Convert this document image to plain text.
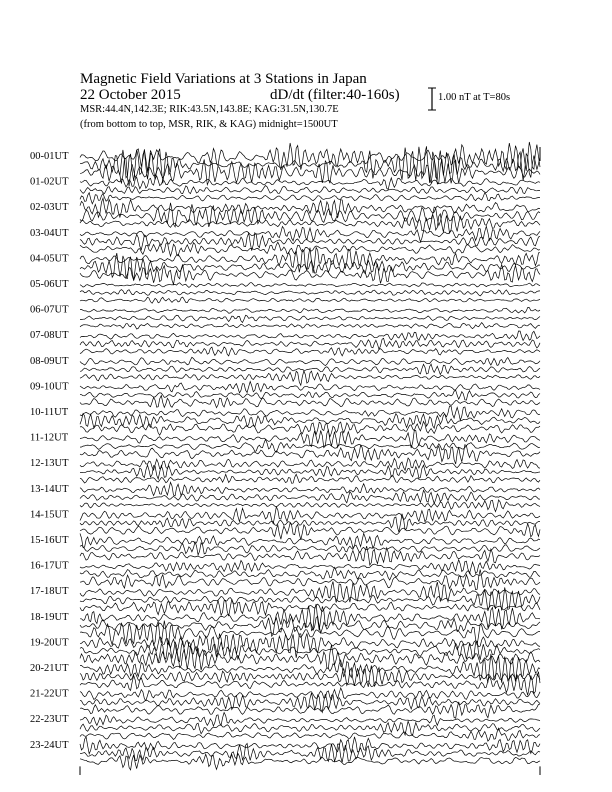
Magnetic Field Variations at 3 Stations in Japan
22 October 2015	dD/dt (filter:40-160s)
MSR:44.4N,142.3E; RIK:43.5N,143.8E; KAG:31.5N,130.7E
(from bottom to top, MSR, RIK, & KAG) midnight=1500UT
1.00 nT at T=80s
00-01UT
01-02UT
02-03UT
03-04UT
04-05UT
05-06UT
06-07UT
07-08UT
08-09UT
09-10UT
10-11UT
11-12UT
12-13UT
13-14UT
14-15UT
15-16UT
16-17UT
17-18UT
18-19UT
19-20UT
20-21UT
21-22UT
22-23UT
23-24UT
